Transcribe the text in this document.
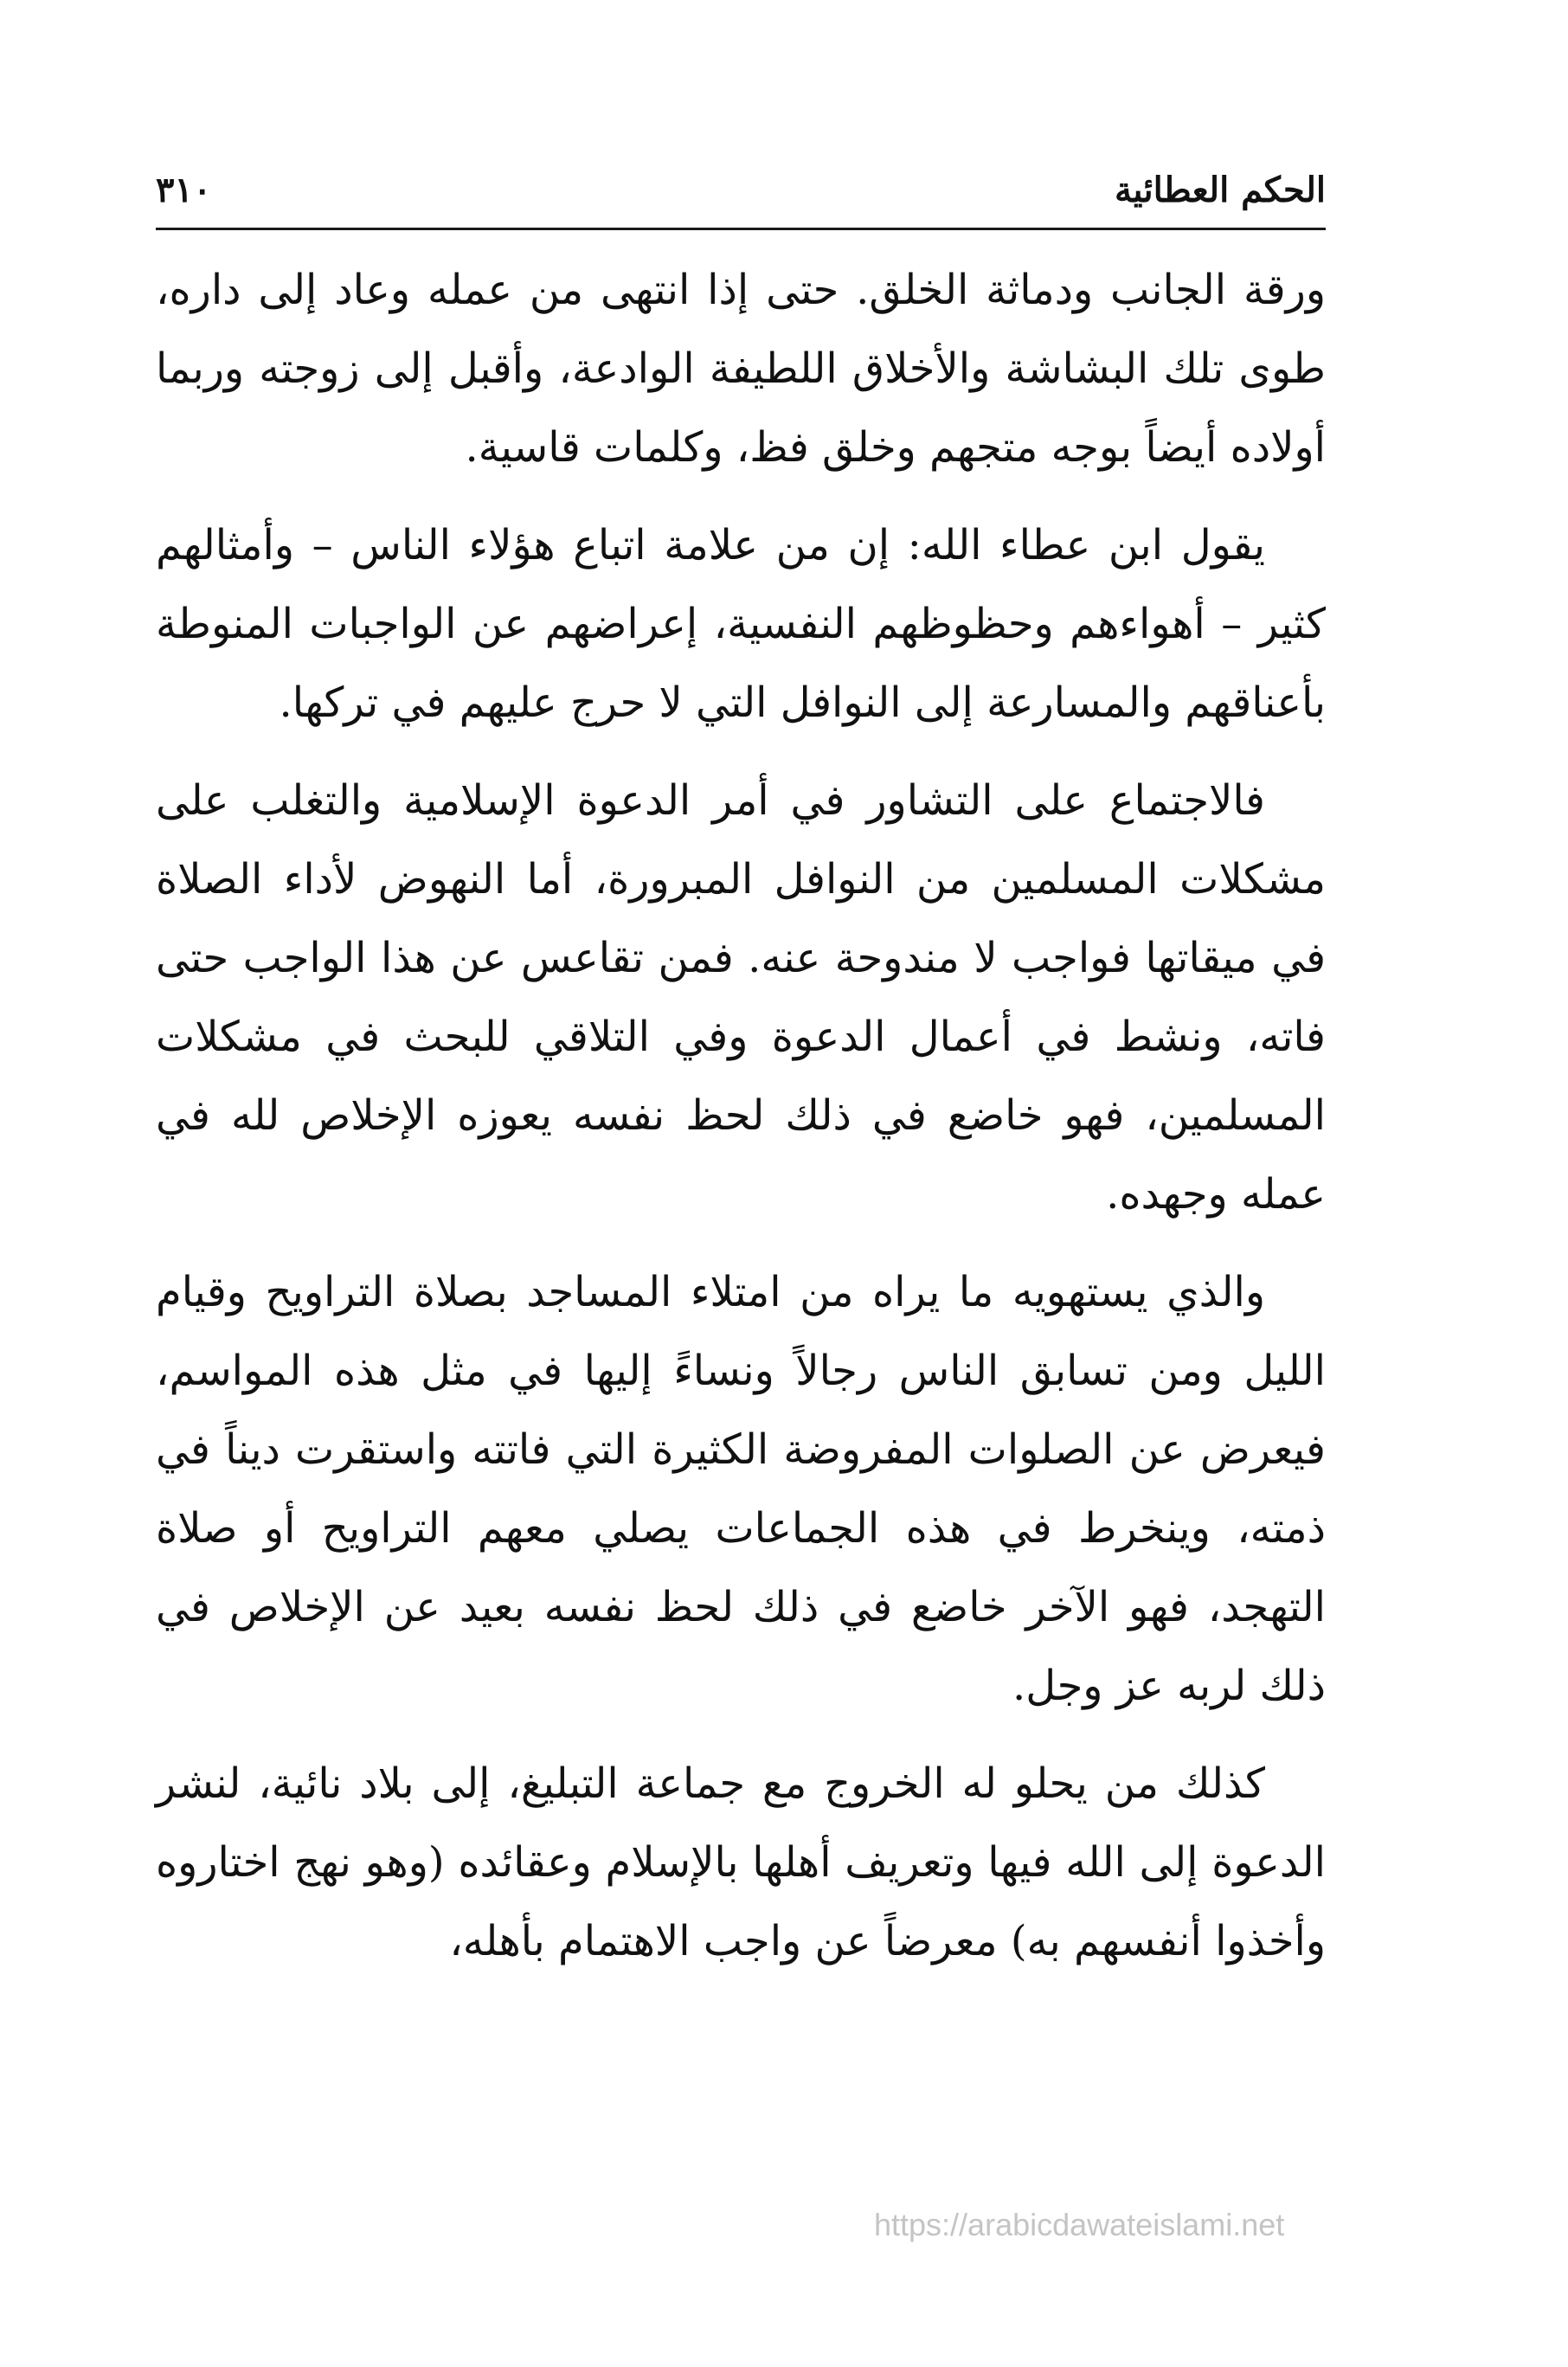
الحكم العطائية
٣١٠
ورقة الجانب ودماثة الخلق. حتى إذا انتهى من عمله وعاد إلى داره، طوى تلك البشاشة والأخلاق اللطيفة الوادعة، وأقبل إلى زوجته وربما أولاده أيضاً بوجه متجهم وخلق فظ، وكلمات قاسية.
يقول ابن عطاء الله: إن من علامة اتباع هؤلاء الناس – وأمثالهم كثير – أهواءهم وحظوظهم النفسية، إعراضهم عن الواجبات المنوطة بأعناقهم والمسارعة إلى النوافل التي لا حرج عليهم في تركها.
فالاجتماع على التشاور في أمر الدعوة الإسلامية والتغلب على مشكلات المسلمين من النوافل المبرورة، أما النهوض لأداء الصلاة في ميقاتها فواجب لا مندوحة عنه. فمن تقاعس عن هذا الواجب حتى فاته، ونشط في أعمال الدعوة وفي التلاقي للبحث في مشكلات المسلمين، فهو خاضع في ذلك لحظ نفسه يعوزه الإخلاص لله في عمله وجهده.
والذي يستهويه ما يراه من امتلاء المساجد بصلاة التراويح وقيام الليل ومن تسابق الناس رجالاً ونساءً إليها في مثل هذه المواسم، فيعرض عن الصلوات المفروضة الكثيرة التي فاتته واستقرت ديناً في ذمته، وينخرط في هذه الجماعات يصلي معهم التراويح أو صلاة التهجد، فهو الآخر خاضع في ذلك لحظ نفسه بعيد عن الإخلاص في ذلك لربه عز وجل.
كذلك من يحلو له الخروج مع جماعة التبليغ، إلى بلاد نائية، لنشر الدعوة إلى الله فيها وتعريف أهلها بالإسلام وعقائده (وهو نهج اختاروه وأخذوا أنفسهم به) معرضاً عن واجب الاهتمام بأهله،
https://arabicdawateislami.net
